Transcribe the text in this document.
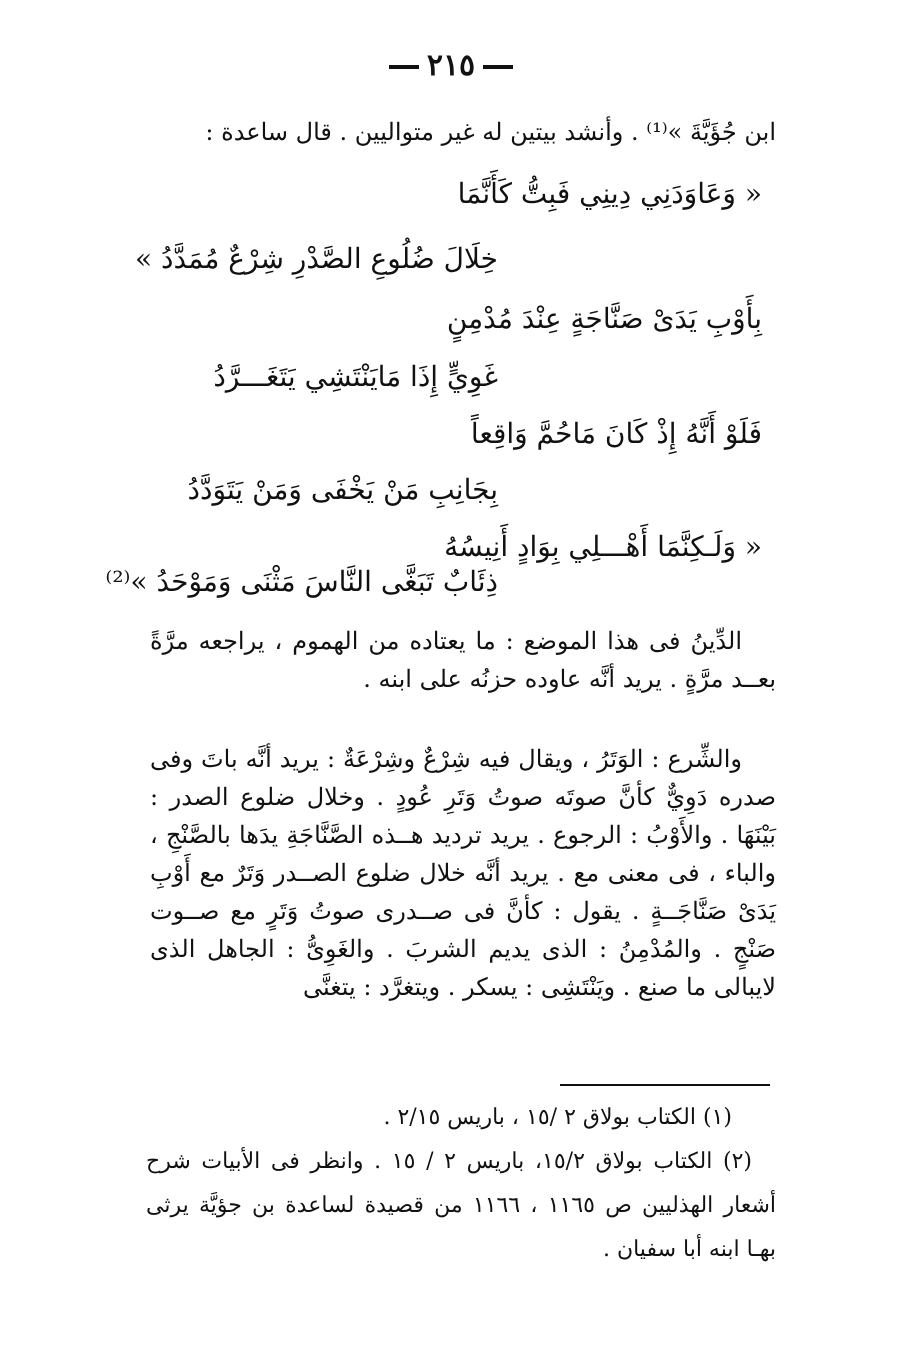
٢١٥
ابن جُؤَيَّةَ »⁽¹⁾ . وأنشد بيتين له غير متواليين . قال ساعدة :
« وَعَاوَدَنِي دِينِي فَبِتُّ كَأَنَّمَا
خِلَالَ ضُلُوعِ الصَّدْرِ شِرْعٌ مُمَدَّدُ »
بِأَوْبِ يَدَىْ صَنَّاجَةٍ عِنْدَ مُدْمِنٍ
غَوِيٍّ إِذَا مَايَنْتَشِي يَتَغَـــرَّدُ
فَلَوْ أَنَّهُ إِذْ كَانَ مَاحُمَّ وَاقِعاً
بِجَانِبِ مَنْ يَخْفَى وَمَنْ يَتَوَدَّدُ
« وَلَـكِنَّمَا أَهْـــلِي بِوَادٍ أَنِيسُهُ
ذِئَابٌ تَبَغَّى النَّاسَ مَثْنَى وَمَوْحَدُ »⁽²⁾

الدِّينُ فى هذا الموضع : ما يعتاده من الهموم ، يراجعه مرَّةً بعــد مرَّةٍ . يريد أنَّه عاوده حزنُه على ابنه .

والشِّرع : الوَتَرُ ، ويقال فيه شِرْعٌ وشِرْعَةٌ : يريد أنَّه باتَ وفى صدره دَوِيٌّ كأنَّ صوتَه صوتُ وَتَرِ عُودٍ . وخلال ضلوع الصدر : بَيْنَهَا . والأَوْبُ : الرجوع . يريد ترديد هــذه الصَّنَّاجَةِ يدَها بالصَّنْجِ ، والباء ، فى معنى مع . يريد أنَّه خلال ضلوع الصــدر وَتَرٌ مع أَوْبِ يَدَىْ صَنَّاجَــةٍ . يقول : كأنَّ فى صــدرى صوتُ وَتَرٍ مع صــوت صَنْجٍ . والمُدْمِنُ : الذى يديم الشربَ . والغَوِىُّ : الجاهل الذى لايبالى ما صنع . ويَنْتَشِى : يسكر . ويتغرَّد : يتغنَّى

(١) الكتاب بولاق ٢ /١٥ ، باريس ٢/١٥ .

(٢) الكتاب بولاق ١٥/٢، باريس ٢ / ١٥ . وانظر فى الأبيات شرح أشعار الهذليين ص ١١٦٥ ، ١١٦٦ من قصيدة لساعدة بن جؤيَّة يرثى بهـا ابنه أبا سفيان .
